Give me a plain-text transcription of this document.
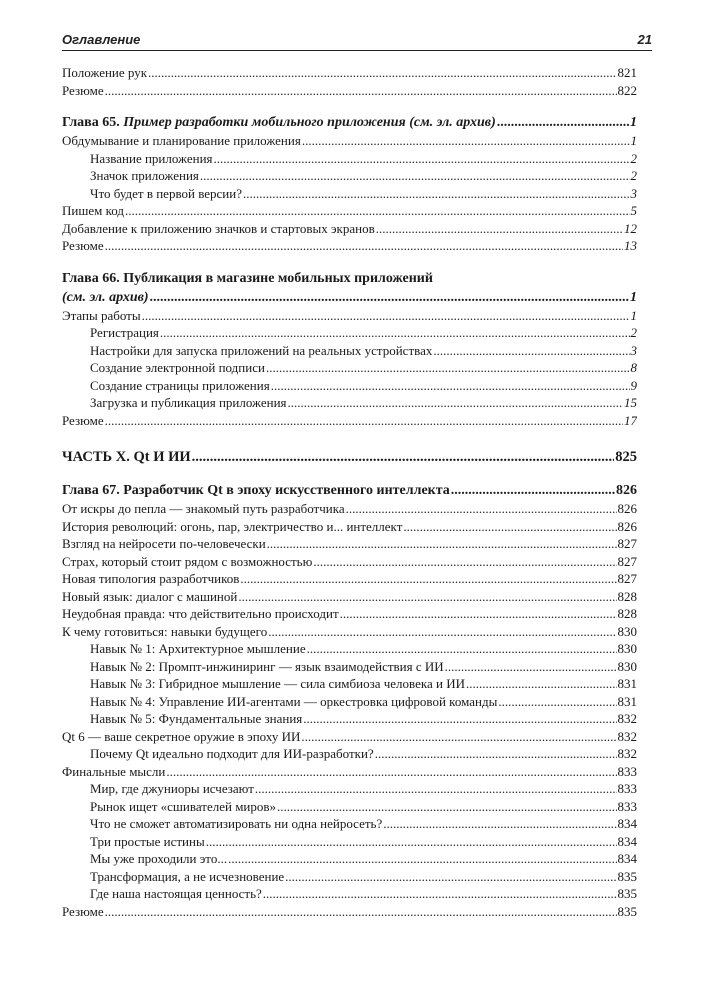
Оглавление	21
Положение рук .....	821
Резюме .....	822
Глава 65. Пример разработки мобильного приложения (см. эл. архив) .....	1
Обдумывание и планирование приложения .....	1
Название приложения .....	2
Значок приложения .....	2
Что будет в первой версии? .....	3
Пишем код .....	5
Добавление к приложению значков и стартовых экранов .....	12
Резюме .....	13
Глава 66. Публикация в магазине мобильных приложений
(см. эл. архив) .....	1
Этапы работы .....	1
Регистрация .....	2
Настройки для запуска приложений на реальных устройствах .....	3
Создание электронной подписи .....	8
Создание страницы приложения .....	9
Загрузка и публикация приложения .....	15
Резюме .....	17
ЧАСТЬ X. Qt И ИИ .....	825
Глава 67. Разработчик Qt в эпоху искусственного интеллекта .....	826
От искры до пепла — знакомый путь разработчика .....	826
История революций: огонь, пар, электричество и... интеллект .....	826
Взгляд на нейросети по-человечески .....	827
Страх, который стоит рядом с возможностью .....	827
Новая типология разработчиков .....	827
Новый язык: диалог с машиной .....	828
Неудобная правда: что действительно происходит .....	828
К чему готовиться: навыки будущего .....	830
Навык № 1: Архитектурное мышление .....	830
Навык № 2: Промпт-инжиниринг — язык взаимодействия с ИИ .....	830
Навык № 3: Гибридное мышление — сила симбиоза человека и ИИ .....	831
Навык № 4: Управление ИИ-агентами — оркестровка цифровой команды .....	831
Навык № 5: Фундаментальные знания .....	832
Qt 6 — ваше секретное оружие в эпоху ИИ .....	832
Почему Qt идеально подходит для ИИ-разработки? .....	832
Финальные мысли .....	833
Мир, где джуниоры исчезают .....	833
Рынок ищет «сшивателей миров» .....	833
Что не сможет автоматизировать ни одна нейросеть? .....	834
Три простые истины .....	834
Мы уже проходили это... .....	834
Трансформация, а не исчезновение .....	835
Где наша настоящая ценность? .....	835
Резюме .....	835
